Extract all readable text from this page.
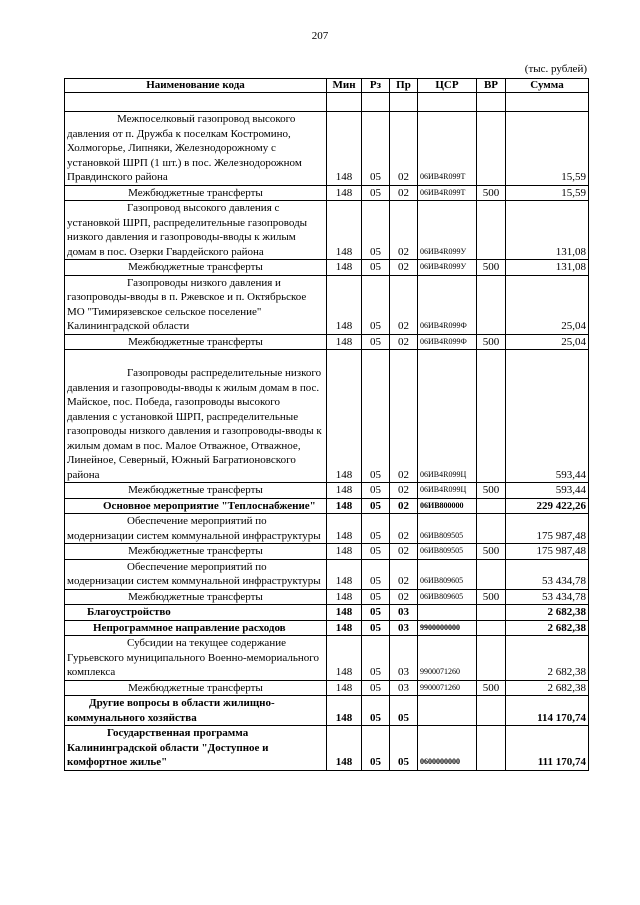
207
(тыс. рублей)
Наименование кода	Мин	Рз	Пр	ЦСР	ВР	Сумма

Межпоселковый газопровод высокого давления от п. Дружба к поселкам Костромино, Холмогорье, Липняки, Железнодорожному с установкой ШРП (1 шт.) в пос. Железнодорожном Правдинского района	148	05	02	06ИВ4R099Т		15,59
Межбюджетные трансферты	148	05	02	06ИВ4R099Т	500	15,59

Газопровод высокого давления с установкой ШРП, распределительные газопроводы низкого давления и газопроводы-вводы к жилым домам в пос. Озерки Гвардейского района	148	05	02	06ИВ4R099У		131,08
Межбюджетные трансферты	148	05	02	06ИВ4R099У	500	131,08

Газопроводы низкого давления и газопроводы-вводы в п. Ржевское и п. Октябрьское МО "Тимирязевское сельское поселение" Калининградской области	148	05	02	06ИВ4R099Ф		25,04
Межбюджетные трансферты	148	05	02	06ИВ4R099Ф	500	25,04

Газопроводы распределительные низкого давления и газопроводы-вводы к жилым домам в пос. Майское, пос. Победа, газопроводы высокого давления с установкой ШРП, распределительные газопроводы низкого давления и газопроводы-вводы к жилым домам в пос. Малое Отважное, Отважное, Линейное, Северный, Южный Багратионовского района	148	05	02	06ИВ4R099Ц		593,44
Межбюджетные трансферты	148	05	02	06ИВ4R099Ц	500	593,44

Основное мероприятие "Теплоснабжение"	148	05	02	06ИВ800000		229 422,26

Обеспечение мероприятий по модернизации систем коммунальной инфраструктуры	148	05	02	06ИВ809505		175 987,48
Межбюджетные трансферты	148	05	02	06ИВ809505	500	175 987,48

Обеспечение мероприятий по модернизации систем коммунальной инфраструктуры	148	05	02	06ИВ809605		53 434,78
Межбюджетные трансферты	148	05	02	06ИВ809605	500	53 434,78

Благоустройство	148	05	03			2 682,38

Непрограммное направление расходов	148	05	03	9900000000		2 682,38

Субсидии на текущее содержание Гурьевского муниципального Военно-мемориального комплекса	148	05	03	9900071260		2 682,38
Межбюджетные трансферты	148	05	03	9900071260	500	2 682,38

Другие вопросы в области жилищно-коммунального хозяйства	148	05	05			114 170,74

Государственная программа Калининградской области "Доступное и комфортное жилье"	148	05	05	0600000000		111 170,74
